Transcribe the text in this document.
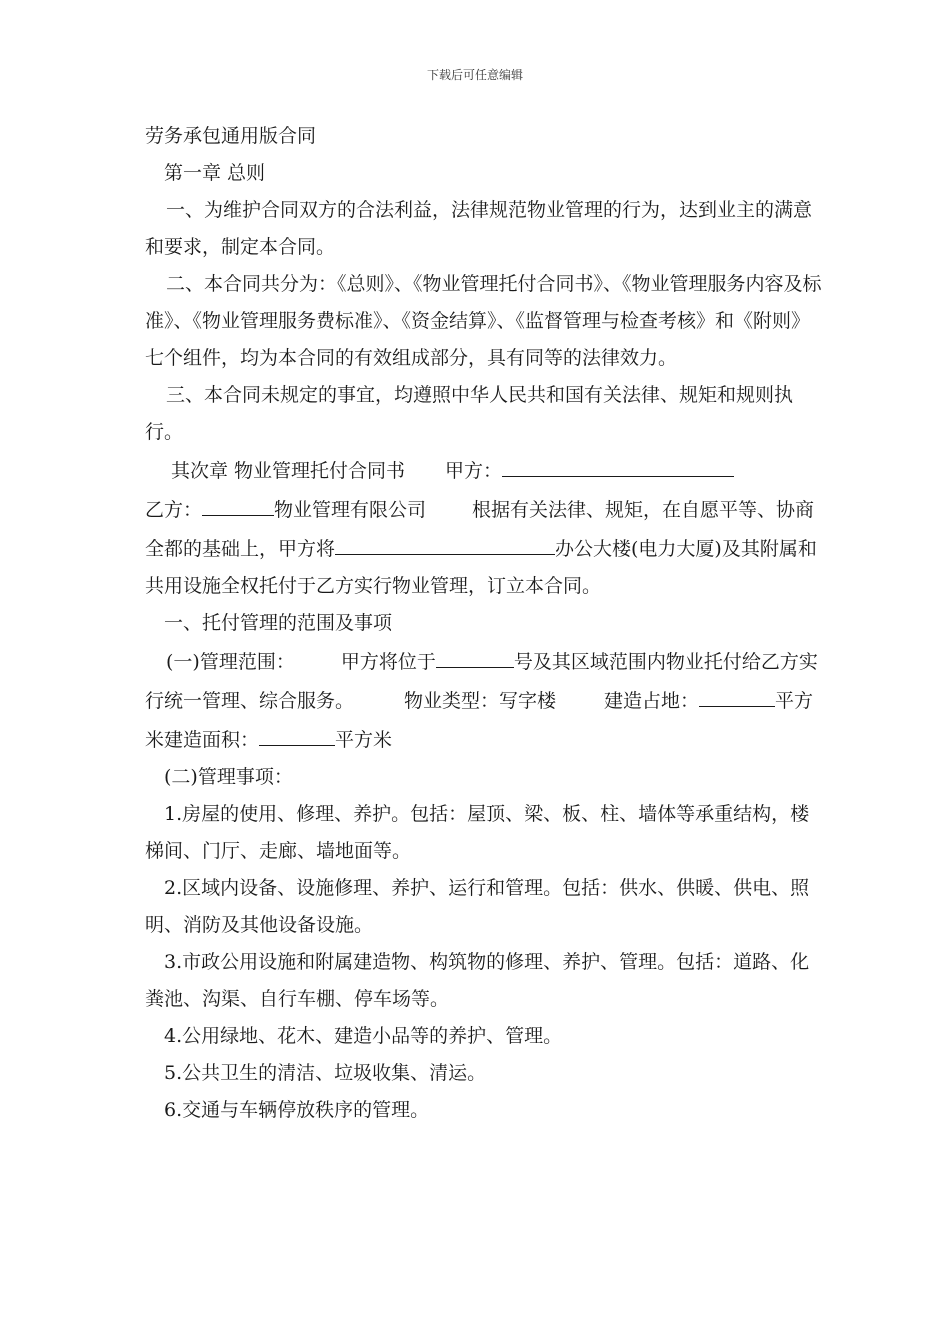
下载后可任意编辑

劳务承包通用版合同

第一章 总则

一、为维护合同双方的合法利益，法律规范物业管理的行为，达到业主的满意和要求，制定本合同。

二、本合同共分为：《总则》、《物业管理托付合同书》、《物业管理服务内容及标准》、《物业管理服务费标准》、《资金结算》、《监督管理与检查考核》和《附则》七个组件，均为本合同的有效组成部分，具有同等的法律效力。

三、本合同未规定的事宜，均遵照中华人民共和国有关法律、规矩和规则执行。

其次章 物业管理托付合同书 甲方：
乙方：	物业管理有限公司 根据有关法律、规矩，在自愿平等、协商全都的基础上，甲方将	办公大楼(电力大厦)及其附属和共用设施全权托付于乙方实行物业管理，订立本合同。

一、托付管理的范围及事项

(一)管理范围： 甲方将位于	号及其区域范围内物业托付给乙方实行统一管理、综合服务。	物业类型：写字楼	建造占地：	平方米建造面积：	平方米

(二)管理事项：

1.房屋的使用、修理、养护。包括：屋顶、梁、板、柱、墙体等承重结构，楼梯间、门厅、走廊、墙地面等。

2.区域内设备、设施修理、养护、运行和管理。包括：供水、供暖、供电、照明、消防及其他设备设施。

3.市政公用设施和附属建造物、构筑物的修理、养护、管理。包括：道路、化粪池、沟渠、自行车棚、停车场等。

4.公用绿地、花木、建造小品等的养护、管理。

5.公共卫生的清洁、垃圾收集、清运。

6.交通与车辆停放秩序的管理。
